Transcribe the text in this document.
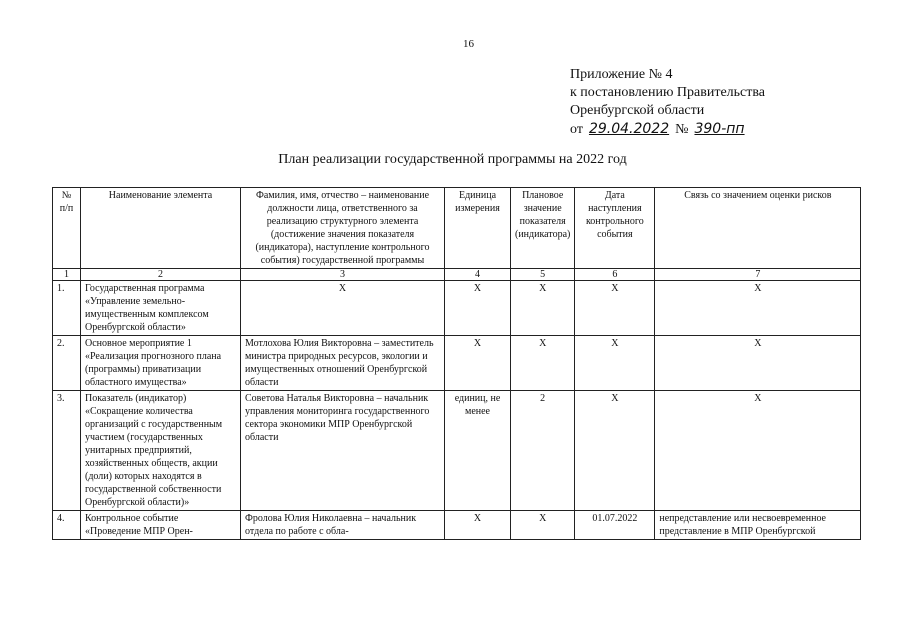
16
Приложение № 4
к постановлению Правительства
Оренбургской области
от 29.04.2022 № 390-пп
План реализации государственной программы на 2022 год
№ п/п	Наименование элемента	Фамилия, имя, отчество – наименование должности лица, ответственного за реализацию структурного элемента (достижение значения показателя (индикатора), наступление контрольного события) государственной программы	Единица измерения	Плановое значение показателя (индикатора)	Дата наступления контрольного события	Связь со значением оценки рисков
1	2	3	4	5	6	7
1.	Государственная программа «Управление земельно-имущественным комплексом Оренбургской области»	X	X	X	X	X
2.	Основное мероприятие 1 «Реализация прогнозного плана (программы) приватизации областного имущества»	Мотлохова Юлия Викторовна – заместитель министра природных ресурсов, экологии и имущественных отношений Оренбургской области	X	X	X	X
3.	Показатель (индикатор) «Сокращение количества организаций с государственным участием (государственных унитарных предприятий, хозяйственных обществ, акции (доли) которых находятся в государственной собственности Оренбургской области)»	Советова Наталья Викторовна – начальник управления мониторинга государственного сектора экономики МПР Оренбургской области	единиц, не менее	2	X	X
4.	Контрольное событие «Проведение МПР Орен-	Фролова Юлия Николаевна – начальник отдела по работе с обла-	X	X	01.07.2022	непредставление или несвоевременное представление в МПР Оренбургской
